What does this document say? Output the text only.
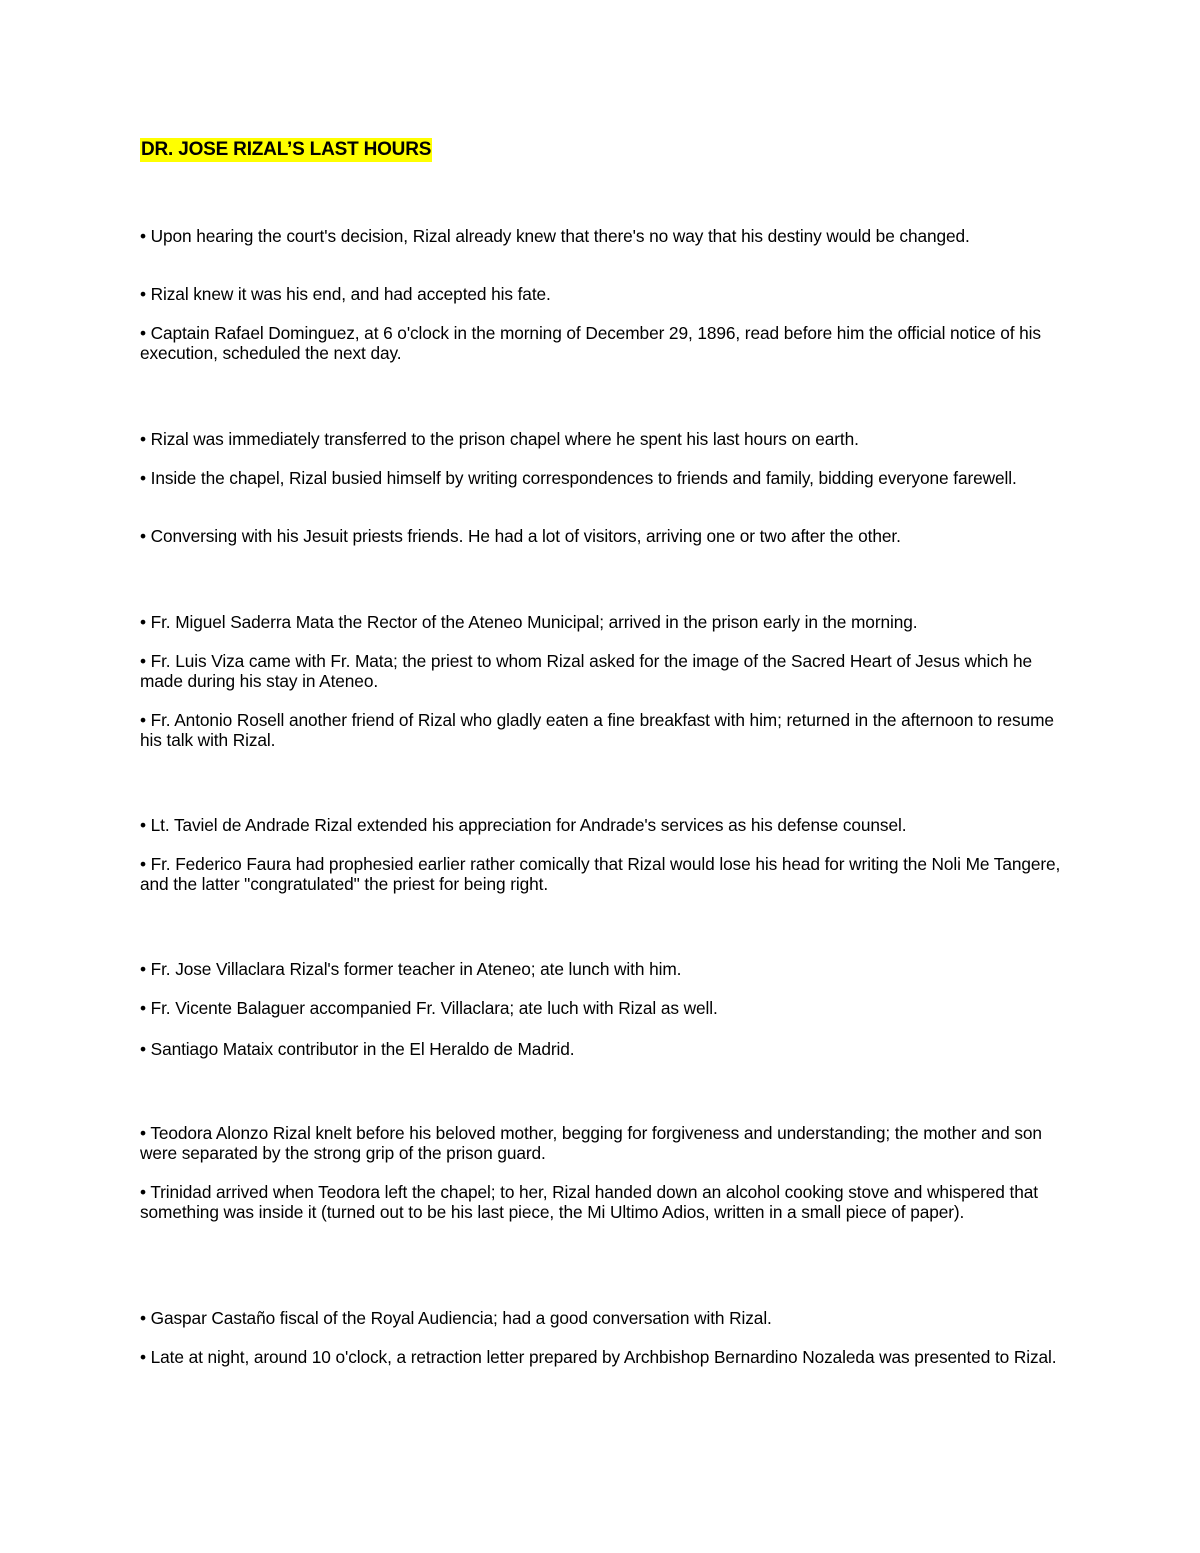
DR. JOSE RIZAL’S LAST HOURS

• Upon hearing the court's decision, Rizal already knew that there's no way that his destiny would be changed.

• Rizal knew it was his end, and had accepted his fate.

• Captain Rafael Dominguez, at 6 o'clock in the morning of December 29, 1896, read before him the official notice of his execution, scheduled the next day.

• Rizal was immediately transferred to the prison chapel where he spent his last hours on earth.

• Inside the chapel, Rizal busied himself by writing correspondences to friends and family, bidding everyone farewell.

• Conversing with his Jesuit priests friends. He had a lot of visitors, arriving one or two after the other.

• Fr. Miguel Saderra Mata the Rector of the Ateneo Municipal; arrived in the prison early in the morning.

• Fr. Luis Viza came with Fr. Mata; the priest to whom Rizal asked for the image of the Sacred Heart of Jesus which he made during his stay in Ateneo.

• Fr. Antonio Rosell another friend of Rizal who gladly eaten a fine breakfast with him; returned in the afternoon to resume his talk with Rizal.

• Lt. Taviel de Andrade Rizal extended his appreciation for Andrade's services as his defense counsel.

• Fr. Federico Faura had prophesied earlier rather comically that Rizal would lose his head for writing the Noli Me Tangere, and the latter "congratulated" the priest for being right.

• Fr. Jose Villaclara Rizal's former teacher in Ateneo; ate lunch with him.

• Fr. Vicente Balaguer accompanied Fr. Villaclara; ate luch with Rizal as well.

• Santiago Mataix contributor in the El Heraldo de Madrid.

• Teodora Alonzo Rizal knelt before his beloved mother, begging for forgiveness and understanding; the mother and son were separated by the strong grip of the prison guard.

• Trinidad arrived when Teodora left the chapel; to her, Rizal handed down an alcohol cooking stove and whispered that something was inside it (turned out to be his last piece, the Mi Ultimo Adios, written in a small piece of paper).

• Gaspar Castaño fiscal of the Royal Audiencia; had a good conversation with Rizal.

• Late at night, around 10 o'clock, a retraction letter prepared by Archbishop Bernardino Nozaleda was presented to Rizal.
